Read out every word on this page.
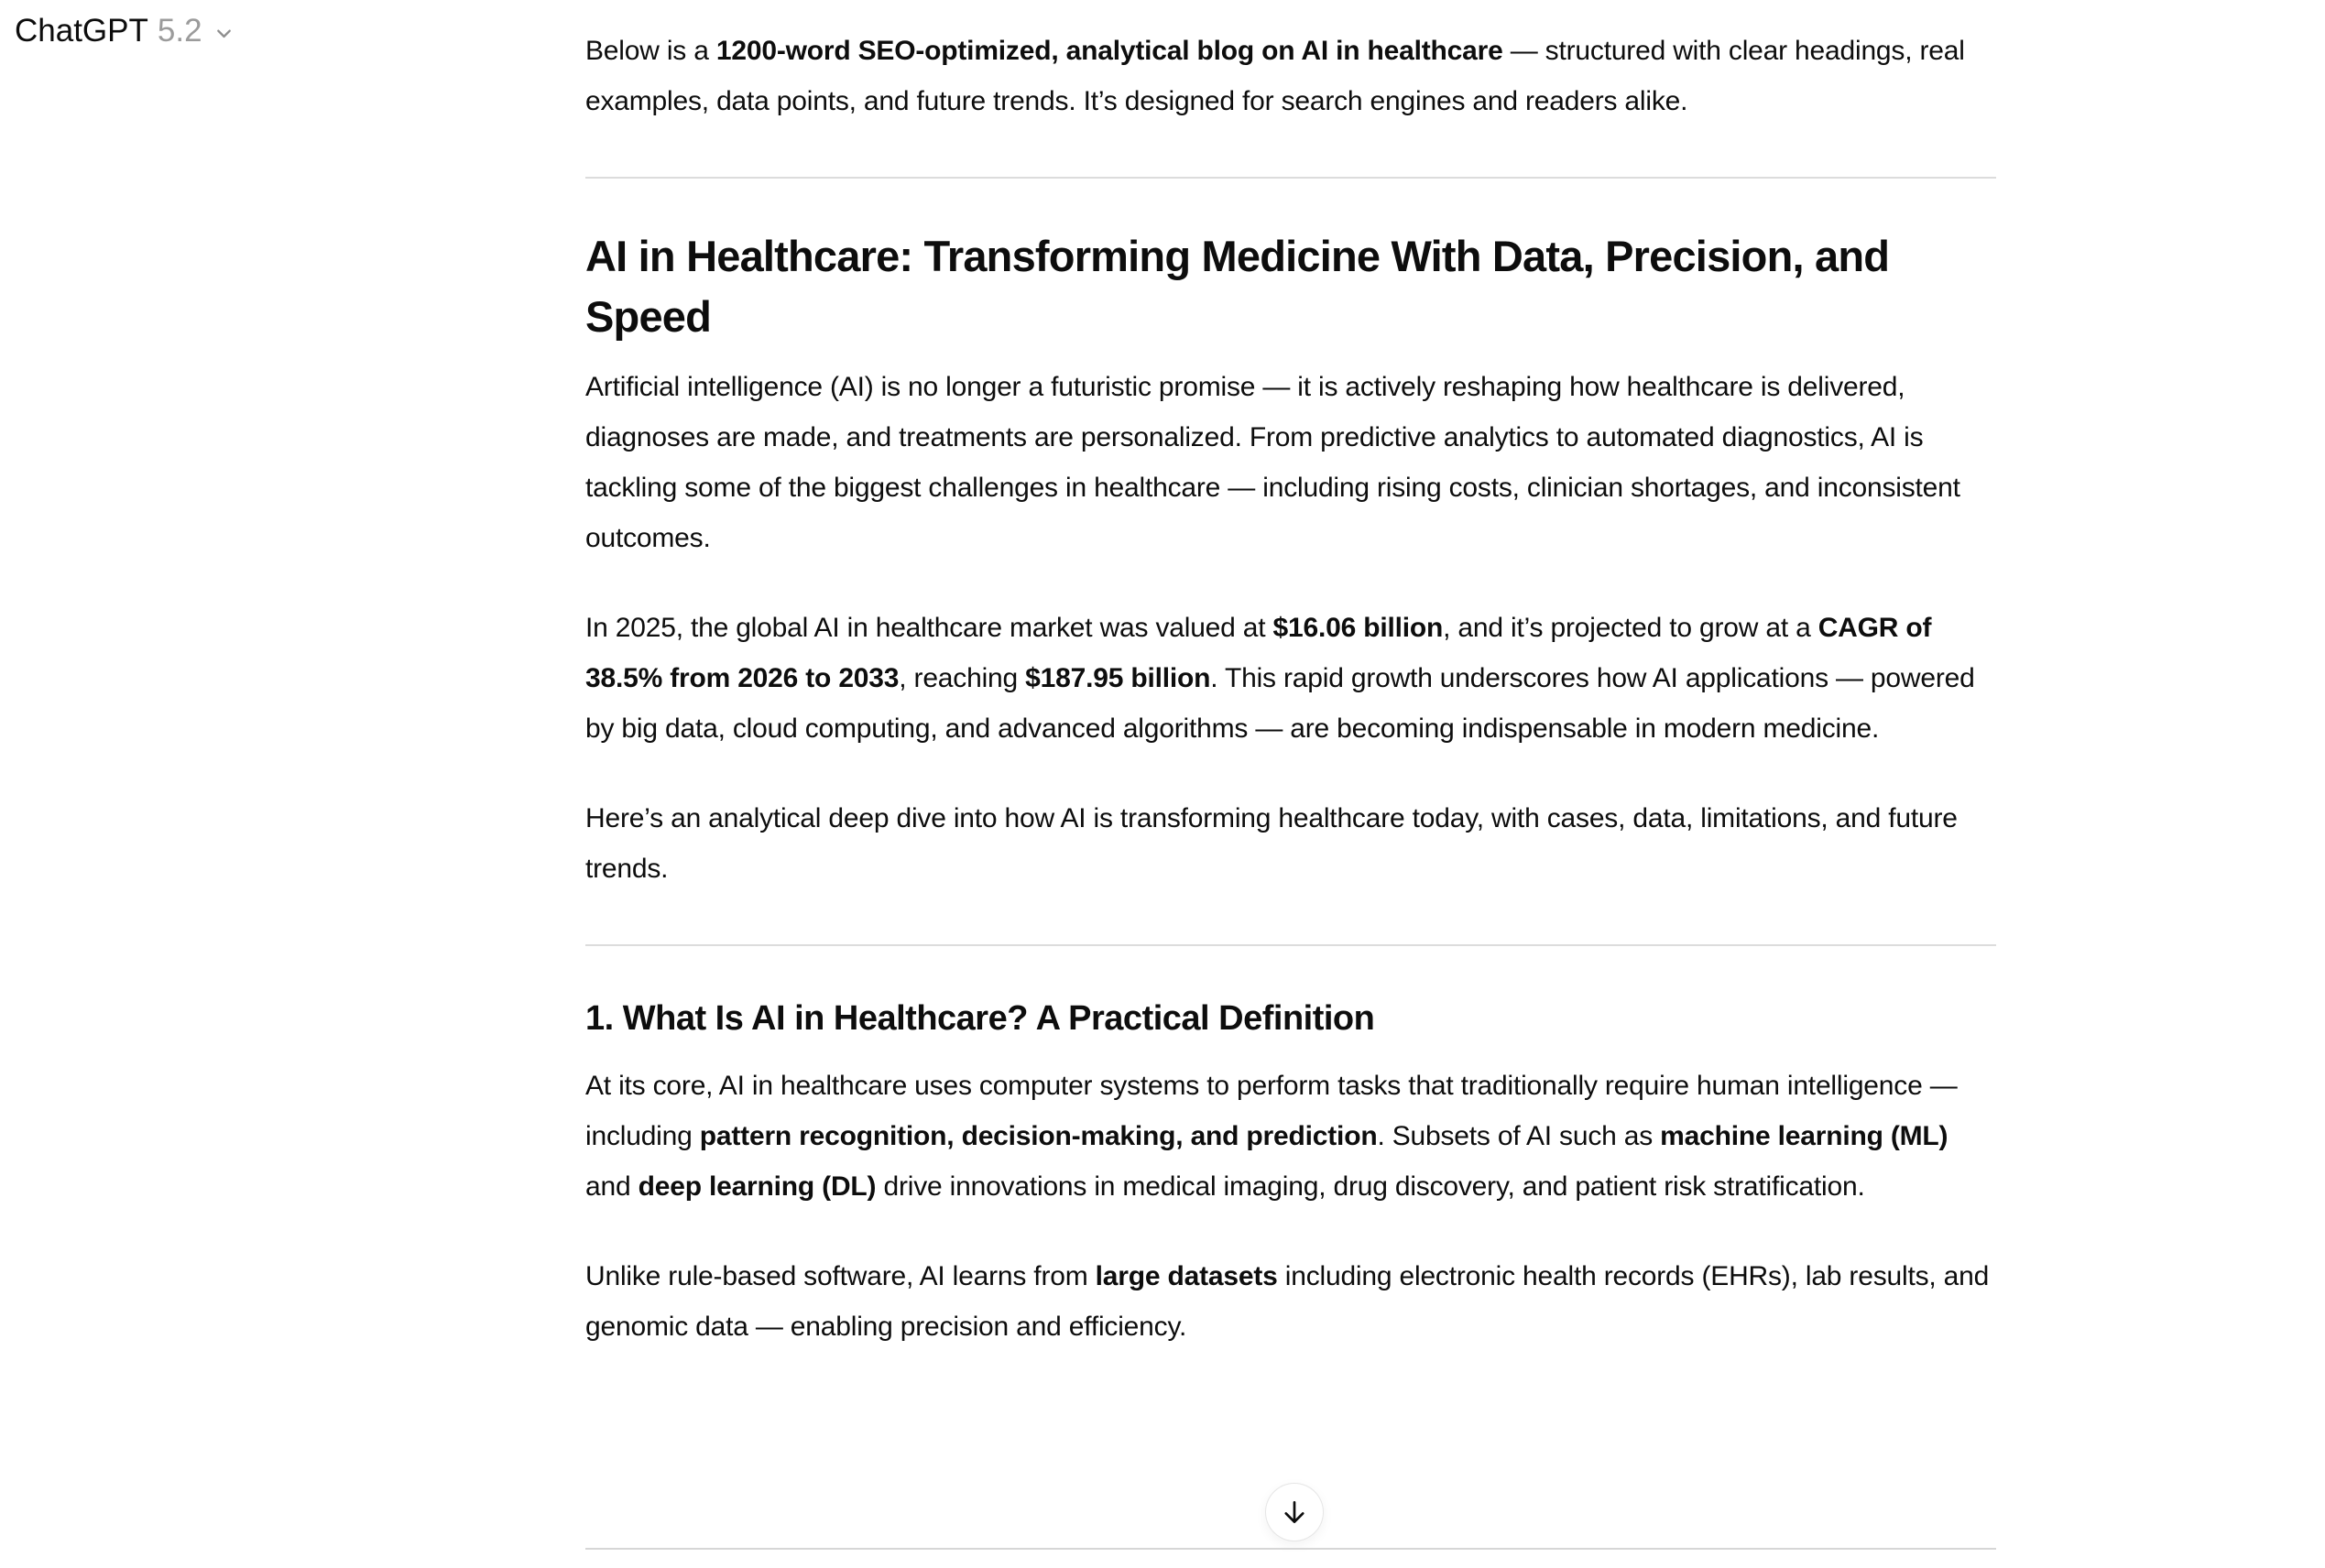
ChatGPT 5.2

Below is a 1200-word SEO-optimized, analytical blog on AI in healthcare — structured with clear headings, real examples, data points, and future trends. It’s designed for search engines and readers alike.

AI in Healthcare: Transforming Medicine With Data, Precision, and Speed

Artificial intelligence (AI) is no longer a futuristic promise — it is actively reshaping how healthcare is delivered, diagnoses are made, and treatments are personalized. From predictive analytics to automated diagnostics, AI is tackling some of the biggest challenges in healthcare — including rising costs, clinician shortages, and inconsistent outcomes.

In 2025, the global AI in healthcare market was valued at $16.06 billion, and it’s projected to grow at a CAGR of 38.5% from 2026 to 2033, reaching $187.95 billion. This rapid growth underscores how AI applications — powered by big data, cloud computing, and advanced algorithms — are becoming indispensable in modern medicine.

Here’s an analytical deep dive into how AI is transforming healthcare today, with cases, data, limitations, and future trends.

1. What Is AI in Healthcare? A Practical Definition

At its core, AI in healthcare uses computer systems to perform tasks that traditionally require human intelligence — including pattern recognition, decision-making, and prediction. Subsets of AI such as machine learning (ML) and deep learning (DL) drive innovations in medical imaging, drug discovery, and patient risk stratification.

Unlike rule-based software, AI learns from large datasets including electronic health records (EHRs), lab results, and genomic data — enabling precision and efficiency.
